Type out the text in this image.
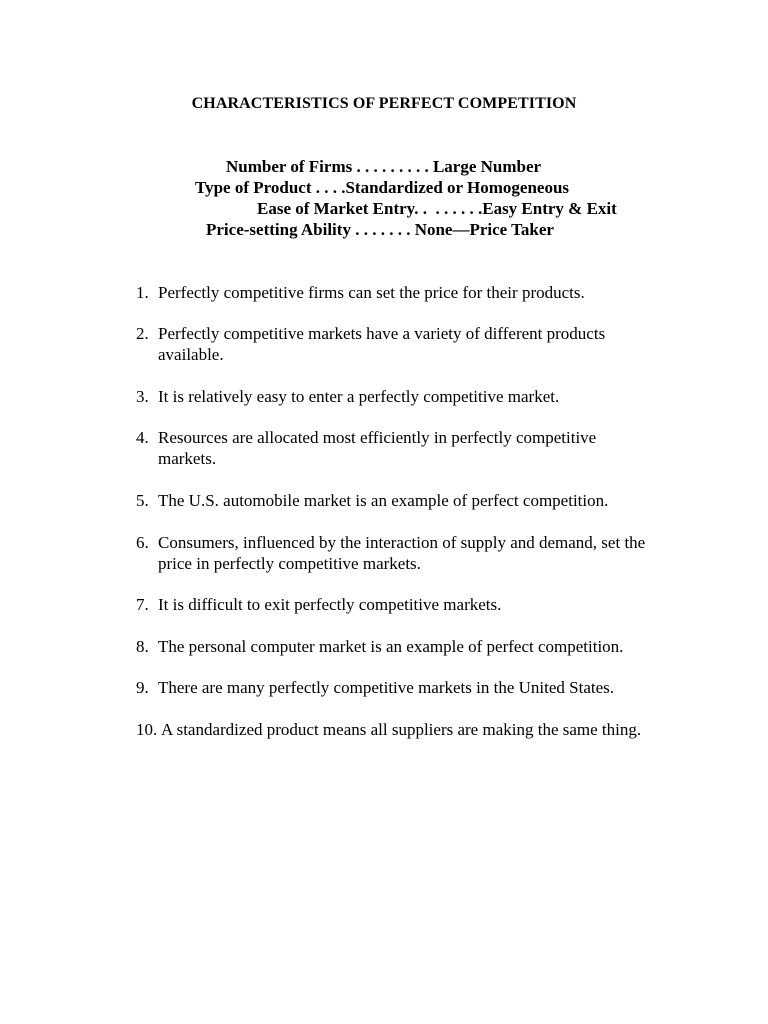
CHARACTERISTICS OF PERFECT COMPETITION
Number of Firms . . . . . . . . . Large Number
Type of Product . . . .Standardized or Homogeneous
Ease of Market Entry. .  . . . . . .Easy Entry & Exit
Price-setting Ability . . . . . . . None—Price Taker
1. Perfectly competitive firms can set the price for their products.
2. Perfectly competitive markets have a variety of different products available.
3. It is relatively easy to enter a perfectly competitive market.
4. Resources are allocated most efficiently in perfectly competitive markets.
5. The U.S. automobile market is an example of perfect competition.
6. Consumers, influenced by the interaction of supply and demand, set the price in perfectly competitive markets.
7. It is difficult to exit perfectly competitive markets.
8. The personal computer market is an example of perfect competition.
9. There are many perfectly competitive markets in the United States.
10. A standardized product means all suppliers are making the same thing.
